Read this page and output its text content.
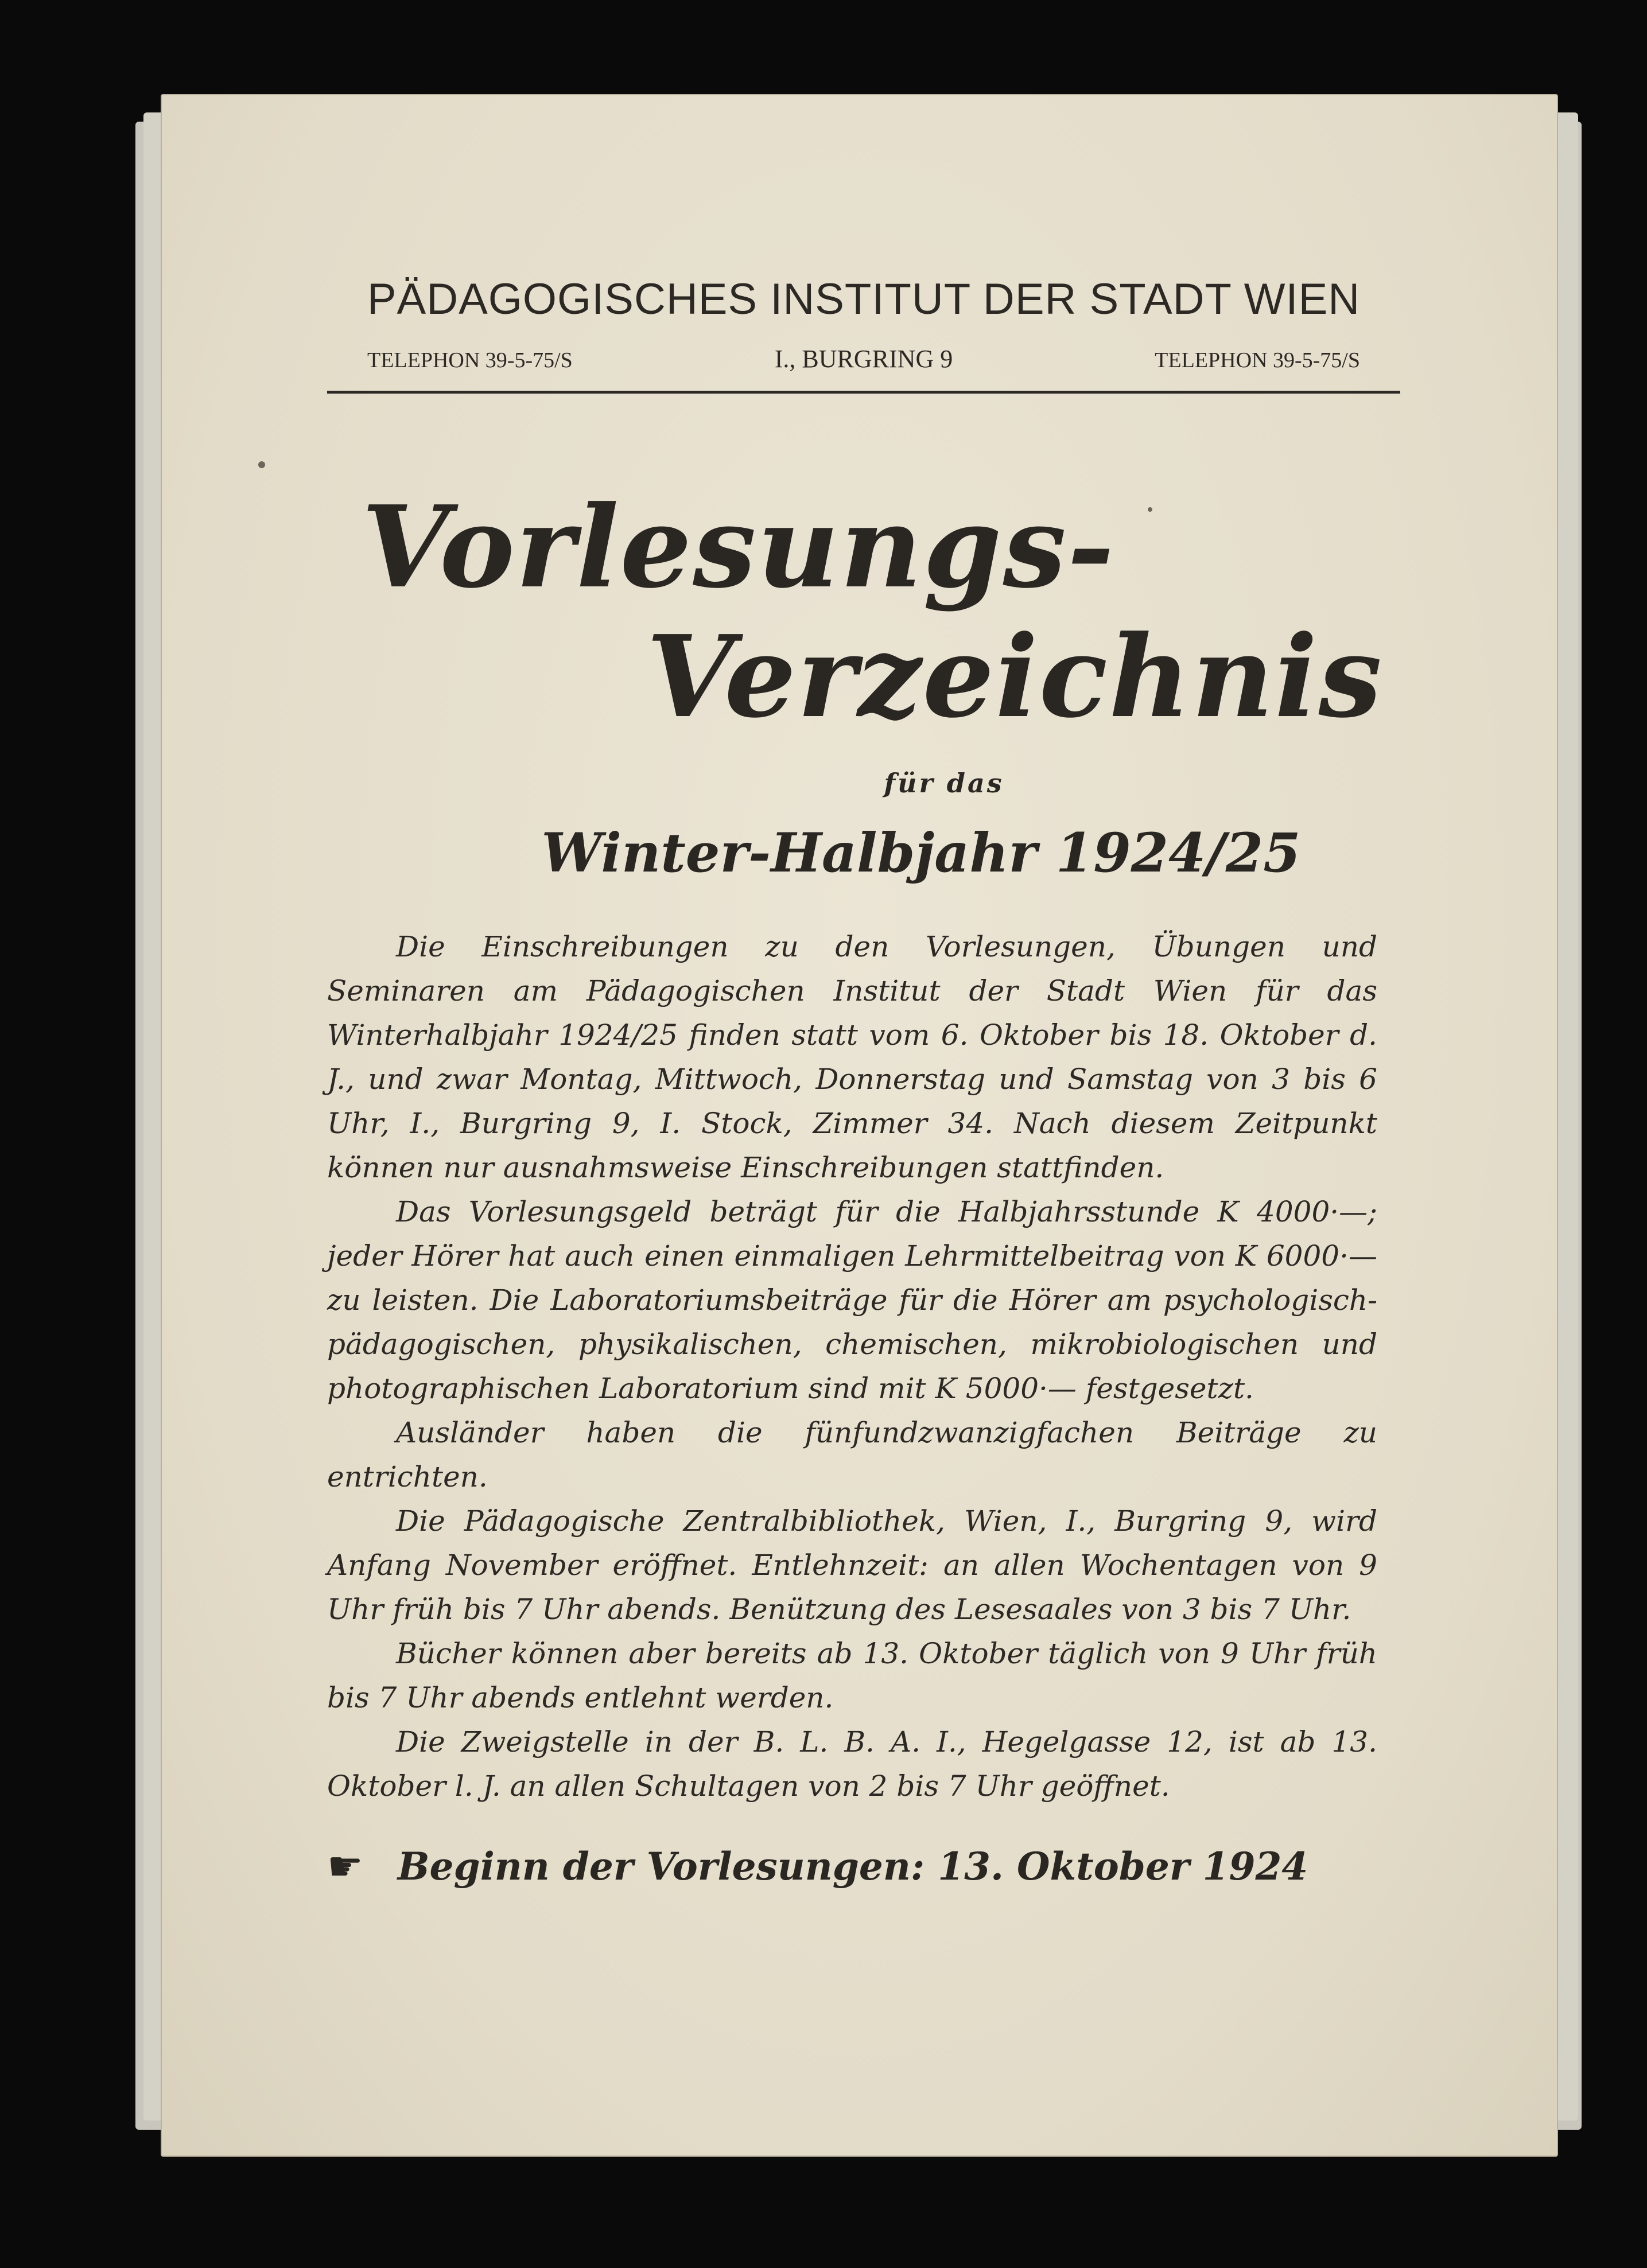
PÄDAGOGISCHES INSTITUT DER STADT WIEN
TELEPHON 39-5-75/S	I., BURGRING 9	TELEPHON 39-5-75/S
Vorlesungs-
Verzeichnis
für das
Winter-Halbjahr 1924/25

Die Einschreibungen zu den Vorlesungen, Übungen und Seminaren am Pädagogischen Institut der Stadt Wien für das Winterhalbjahr 1924/25 finden statt vom 6. Oktober bis 18. Oktober d. J., und zwar Montag, Mittwoch, Donnerstag und Samstag von 3 bis 6 Uhr, I., Burgring 9, I. Stock, Zimmer 34. Nach diesem Zeitpunkt können nur ausnahmsweise Einschreibungen stattfinden.

Das Vorlesungsgeld beträgt für die Halbjahrsstunde K 4000·—; jeder Hörer hat auch einen einmaligen Lehrmittelbeitrag von K 6000·— zu leisten. Die Laboratoriumsbeiträge für die Hörer am psychologisch-pädagogischen, physikalischen, chemischen, mikrobiologischen und photographischen Laboratorium sind mit K 5000·— festgesetzt.

Ausländer haben die fünfundzwanzigfachen Beiträge zu entrichten.

Die Pädagogische Zentralbibliothek, Wien, I., Burgring 9, wird Anfang November eröffnet. Entlehnzeit: an allen Wochentagen von 9 Uhr früh bis 7 Uhr abends. Benützung des Lesesaales von 3 bis 7 Uhr.

Bücher können aber bereits ab 13. Oktober täglich von 9 Uhr früh bis 7 Uhr abends entlehnt werden.

Die Zweigstelle in der B. L. B. A. I., Hegelgasse 12, ist ab 13. Oktober l. J. an allen Schultagen von 2 bis 7 Uhr geöffnet.

☛ Beginn der Vorlesungen: 13. Oktober 1924
